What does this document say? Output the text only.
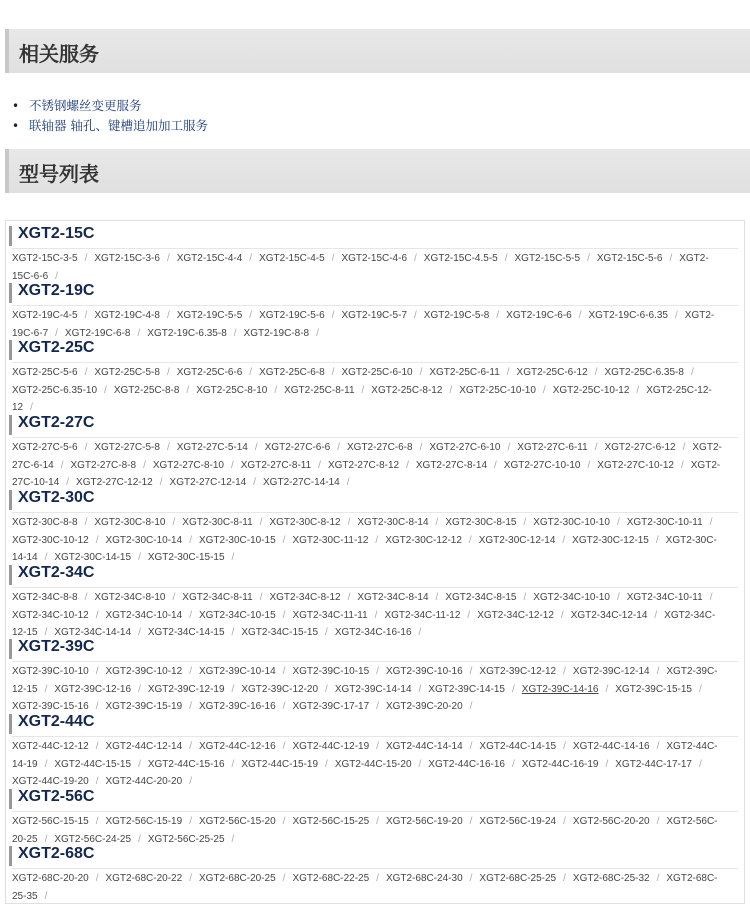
相关服务
• 不锈钢螺丝变更服务
• 联轴器 轴孔、键槽追加加工服务
型号列表
XGT2-15C
XGT2-15C-3-5 / XGT2-15C-3-6 / XGT2-15C-4-4 / XGT2-15C-4-5 / XGT2-15C-4-6 / XGT2-15C-4.5-5 / XGT2-15C-5-5 / XGT2-15C-5-6 / XGT2-
15C-6-6 /
XGT2-19C
XGT2-19C-4-5 / XGT2-19C-4-8 / XGT2-19C-5-5 / XGT2-19C-5-6 / XGT2-19C-5-7 / XGT2-19C-5-8 / XGT2-19C-6-6 / XGT2-19C-6-6.35 / XGT2-
19C-6-7 / XGT2-19C-6-8 / XGT2-19C-6.35-8 / XGT2-19C-8-8 /
XGT2-25C
XGT2-25C-5-6 / XGT2-25C-5-8 / XGT2-25C-6-6 / XGT2-25C-6-8 / XGT2-25C-6-10 / XGT2-25C-6-11 / XGT2-25C-6-12 / XGT2-25C-6.35-8 /
XGT2-25C-6.35-10 / XGT2-25C-8-8 / XGT2-25C-8-10 / XGT2-25C-8-11 / XGT2-25C-8-12 / XGT2-25C-10-10 / XGT2-25C-10-12 / XGT2-25C-12-
12 /
XGT2-27C
XGT2-27C-5-6 / XGT2-27C-5-8 / XGT2-27C-5-14 / XGT2-27C-6-6 / XGT2-27C-6-8 / XGT2-27C-6-10 / XGT2-27C-6-11 / XGT2-27C-6-12 / XGT2-
27C-6-14 / XGT2-27C-8-8 / XGT2-27C-8-10 / XGT2-27C-8-11 / XGT2-27C-8-12 / XGT2-27C-8-14 / XGT2-27C-10-10 / XGT2-27C-10-12 / XGT2-
27C-10-14 / XGT2-27C-12-12 / XGT2-27C-12-14 / XGT2-27C-14-14 /
XGT2-30C
XGT2-30C-8-8 / XGT2-30C-8-10 / XGT2-30C-8-11 / XGT2-30C-8-12 / XGT2-30C-8-14 / XGT2-30C-8-15 / XGT2-30C-10-10 / XGT2-30C-10-11 /
XGT2-30C-10-12 / XGT2-30C-10-14 / XGT2-30C-10-15 / XGT2-30C-11-12 / XGT2-30C-12-12 / XGT2-30C-12-14 / XGT2-30C-12-15 / XGT2-30C-
14-14 / XGT2-30C-14-15 / XGT2-30C-15-15 /
XGT2-34C
XGT2-34C-8-8 / XGT2-34C-8-10 / XGT2-34C-8-11 / XGT2-34C-8-12 / XGT2-34C-8-14 / XGT2-34C-8-15 / XGT2-34C-10-10 / XGT2-34C-10-11 /
XGT2-34C-10-12 / XGT2-34C-10-14 / XGT2-34C-10-15 / XGT2-34C-11-11 / XGT2-34C-11-12 / XGT2-34C-12-12 / XGT2-34C-12-14 / XGT2-34C-
12-15 / XGT2-34C-14-14 / XGT2-34C-14-15 / XGT2-34C-15-15 / XGT2-34C-16-16 /
XGT2-39C
XGT2-39C-10-10 / XGT2-39C-10-12 / XGT2-39C-10-14 / XGT2-39C-10-15 / XGT2-39C-10-16 / XGT2-39C-12-12 / XGT2-39C-12-14 / XGT2-39C-
12-15 / XGT2-39C-12-16 / XGT2-39C-12-19 / XGT2-39C-12-20 / XGT2-39C-14-14 / XGT2-39C-14-15 / XGT2-39C-14-16 / XGT2-39C-15-15 /
XGT2-39C-15-16 / XGT2-39C-15-19 / XGT2-39C-16-16 / XGT2-39C-17-17 / XGT2-39C-20-20 /
XGT2-44C
XGT2-44C-12-12 / XGT2-44C-12-14 / XGT2-44C-12-16 / XGT2-44C-12-19 / XGT2-44C-14-14 / XGT2-44C-14-15 / XGT2-44C-14-16 / XGT2-44C-
14-19 / XGT2-44C-15-15 / XGT2-44C-15-16 / XGT2-44C-15-19 / XGT2-44C-15-20 / XGT2-44C-16-16 / XGT2-44C-16-19 / XGT2-44C-17-17 /
XGT2-44C-19-20 / XGT2-44C-20-20 /
XGT2-56C
XGT2-56C-15-15 / XGT2-56C-15-19 / XGT2-56C-15-20 / XGT2-56C-15-25 / XGT2-56C-19-20 / XGT2-56C-19-24 / XGT2-56C-20-20 / XGT2-56C-
20-25 / XGT2-56C-24-25 / XGT2-56C-25-25 /
XGT2-68C
XGT2-68C-20-20 / XGT2-68C-20-22 / XGT2-68C-20-25 / XGT2-68C-22-25 / XGT2-68C-24-30 / XGT2-68C-25-25 / XGT2-68C-25-32 / XGT2-68C-
25-35 /
